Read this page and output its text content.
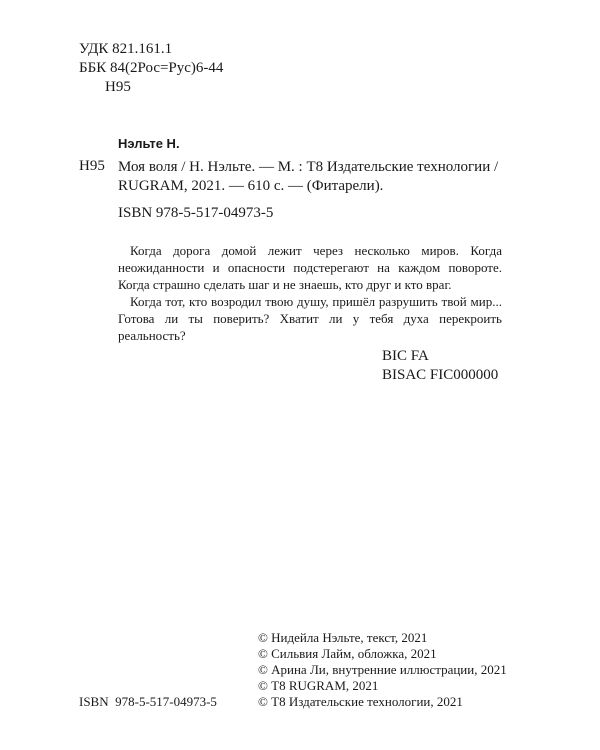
УДК 821.161.1
ББК 84(2Рос=Рус)6-44
Н95
Нэльте Н.
Н95 Моя воля / Н. Нэльте. — М. : Т8 Издательские технологии /
RUGRAM, 2021. — 610 с. — (Фитарели).
ISBN 978-5-517-04973-5

Когда дорога домой лежит через несколько миров. Когда неожиданности и опасности подстерегают на каждом повороте. Когда страшно сделать шаг и не знаешь, кто друг и кто враг.

Когда тот, кто возродил твою душу, пришёл разрушить твой мир... Готова ли ты поверить? Хватит ли у тебя духа перекроить реальность?

BIC FA
BISAC FIC000000
© Нидейла Нэльте, текст, 2021
© Сильвия Лайм, обложка, 2021
© Арина Ли, внутренние иллюстрации, 2021
© Т8 RUGRAM, 2021
© Т8 Издательские технологии, 2021
ISBN  978-5-517-04973-5
